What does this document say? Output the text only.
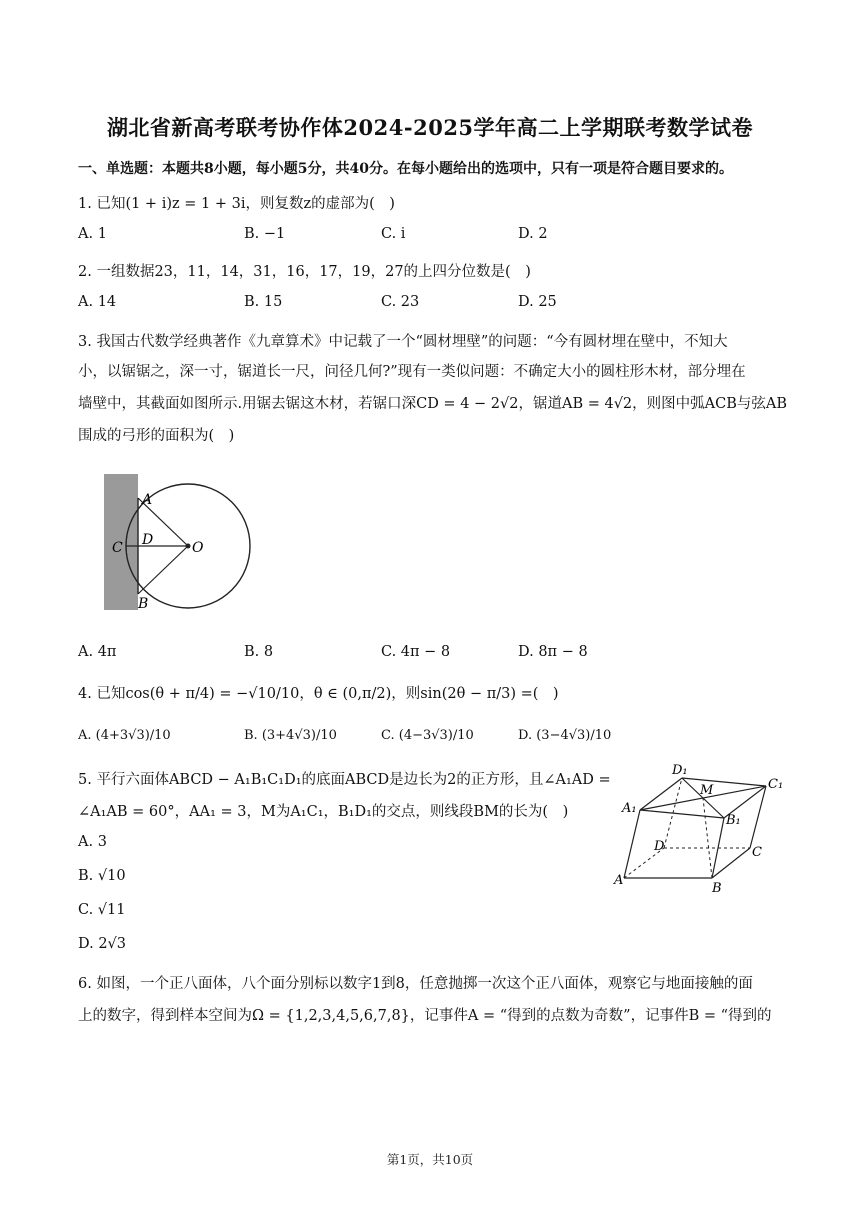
湖北省新高考联考协作体2024-2025学年高二上学期联考数学试卷
一、单选题：本题共8小题，每小题5分，共40分。在每小题给出的选项中，只有一项是符合题目要求的。
1. 已知(1 + i)z = 1 + 3i，则复数z的虚部为(　)
A. 1	B. −1	C. i	D. 2
2. 一组数据23，11，14，31，16，17，19，27的上四分位数是(　)
A. 14	B. 15	C. 23	D. 25
3. 我国古代数学经典著作《九章算术》中记载了一个“圆材埋壁”的问题：“今有圆材埋在壁中，不知大
小，以锯锯之，深一寸，锯道长一尺，问径几何?”现有一类似问题：不确定大小的圆柱形木材，部分埋在
墙壁中，其截面如图所示.用锯去锯这木材，若锯口深CD = 4 − 2√2，锯道AB = 4√2，则图中弧ACB与弦AB
围成的弓形的面积为(　)
A
C D	O
B
A. 4π	B. 8	C. 4π − 8	D. 8π − 8
4. 已知cos(θ + π/4) = −√10/10，θ ∈ (0,π/2)，则sin(2θ − π/3) =(　)
A. (4+3√3)/10	B. (3+4√3)/10	C. (4−3√3)/10	D. (3−4√3)/10
5. 平行六面体ABCD − A₁B₁C₁D₁的底面ABCD是边长为2的正方形，且∠A₁AD =
∠A₁AB = 60°，AA₁ = 3，M为A₁C₁，B₁D₁的交点，则线段BM的长为(　)
A. 3
B. √10
C. √11
D. 2√3
D₁
M	C₁
A₁
B₁
D	C
A
B
6. 如图，一个正八面体，八个面分别标以数字1到8，任意抛掷一次这个正八面体，观察它与地面接触的面
上的数字，得到样本空间为Ω = {1,2,3,4,5,6,7,8}，记事件A = “得到的点数为奇数”，记事件B = “得到的
第1页，共10页
